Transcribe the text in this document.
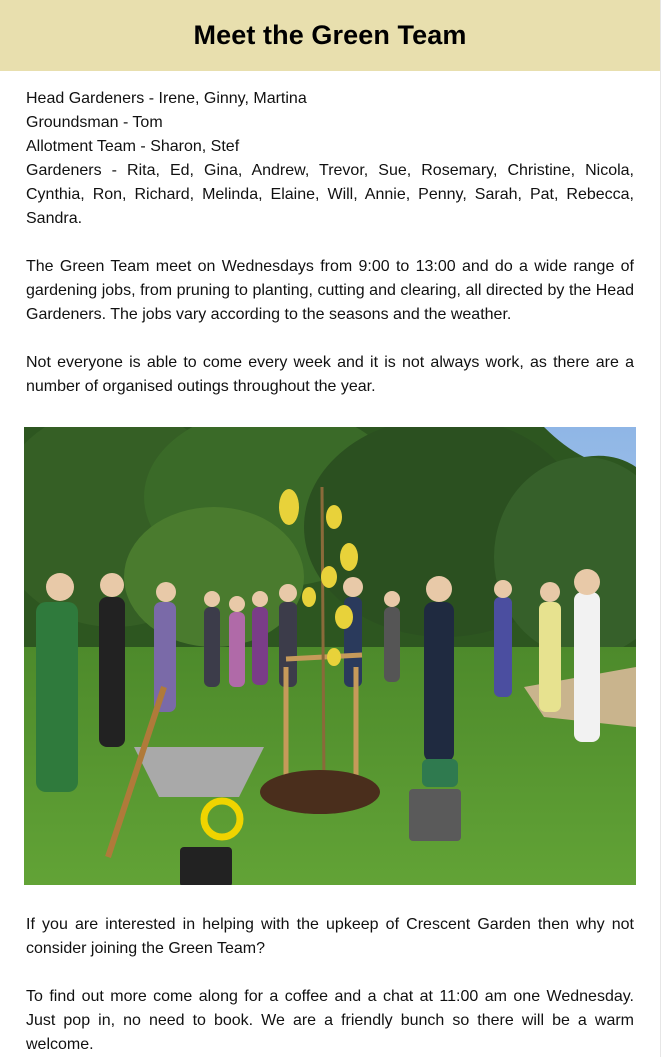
Meet the Green Team

Head Gardeners - Irene, Ginny, Martina

Groundsman - Tom

Allotment Team - Sharon, Stef

Gardeners - Rita, Ed, Gina, Andrew, Trevor, Sue, Rosemary, Christine, Nicola, Cynthia, Ron, Richard, Melinda, Elaine, Will, Annie, Penny, Sarah, Pat, Rebecca, Sandra.

The Green Team meet on Wednesdays from 9:00 to 13:00 and do a wide range of gardening jobs, from pruning to planting, cutting and clearing, all directed by the Head Gardeners. The jobs vary according to the seasons and the weather.

Not everyone is able to come every week and it is not always work, as there are a number of organised outings throughout the year.

If you are interested in helping with the upkeep of Crescent Garden then why not consider joining the Green Team?

To find out more come along for a coffee and a chat at 11:00 am one Wednesday. Just pop in, no need to book. We are a friendly bunch so there will be a warm welcome.
